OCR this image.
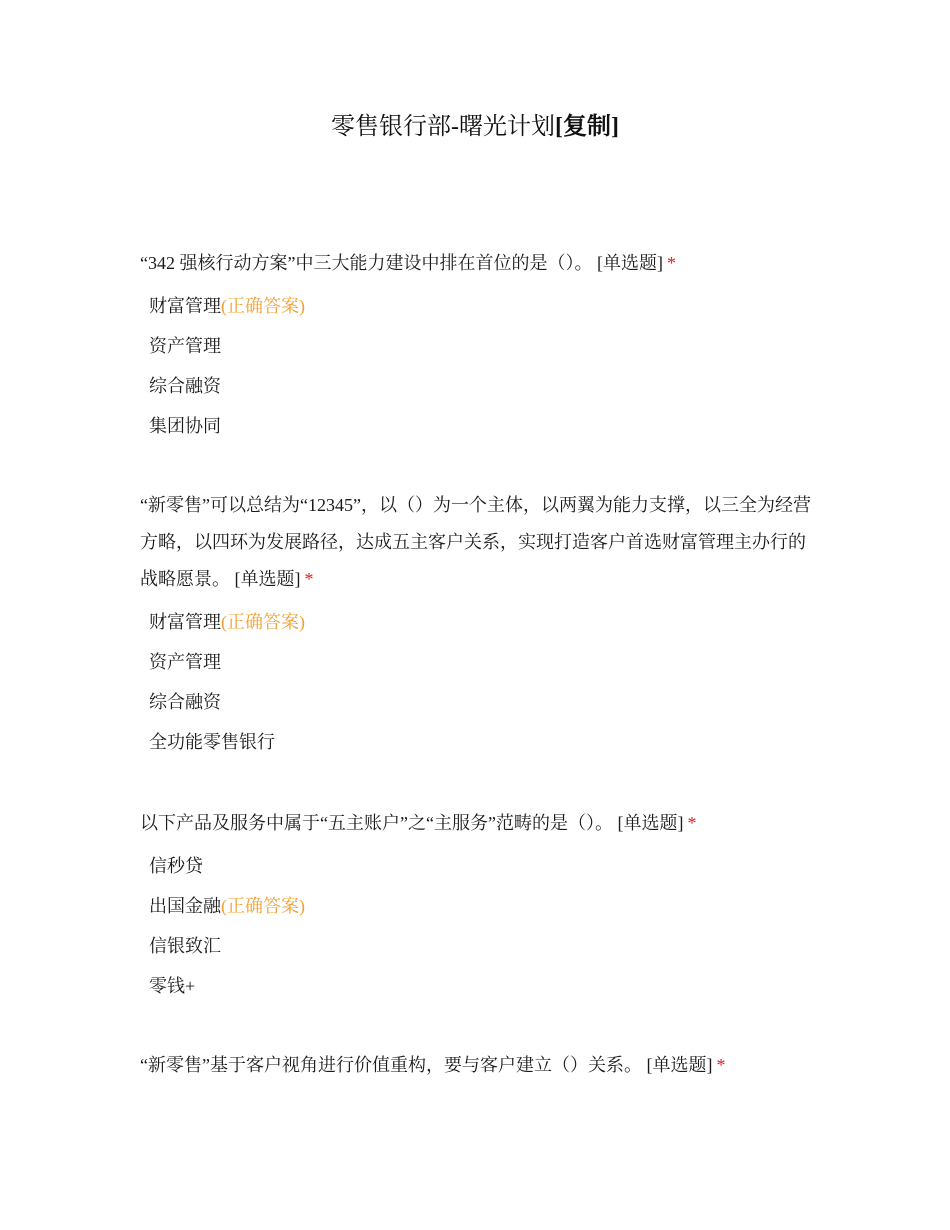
零售银行部-曙光计划[复制]

“342 强核行动方案”中三大能力建设中排在首位的是（）。 [单选题] *

财富管理(正确答案)
资产管理
综合融资
集团协同

“新零售”可以总结为“12345”，以（）为一个主体，以两翼为能力支撑，以三全为经营方略，以四环为发展路径，达成五主客户关系，实现打造客户首选财富管理主办行的战略愿景。 [单选题] *

财富管理(正确答案)
资产管理
综合融资
全功能零售银行

以下产品及服务中属于“五主账户”之“主服务”范畴的是（）。 [单选题] *

信秒贷
出国金融(正确答案)
信银致汇
零钱+

“新零售”基于客户视角进行价值重构，要与客户建立（）关系。 [单选题] *
